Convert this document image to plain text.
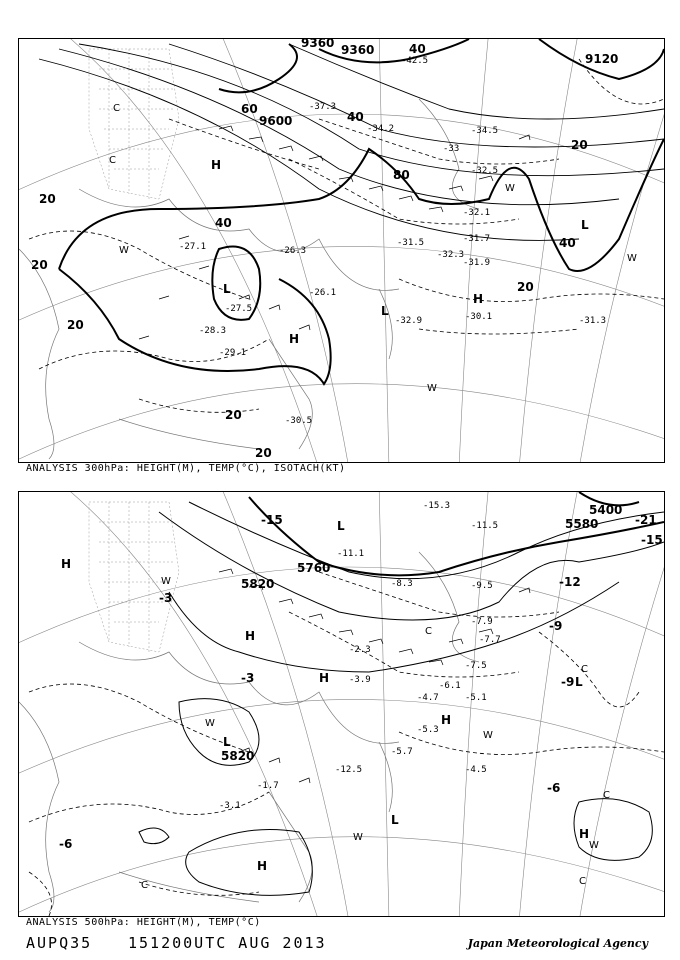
9360 9360
9120
9600
40
40
40
40
20
20
20
20
20
20
20
60
80
C
C	H
H
H
L
L
L
W
W
W
W
-42.5
-37.3
-34.2	-34.5
-32.5
-33
-32.1
-31.7
-31.5
-31.9
-32.3
-32.9	-30.1	-31.3
-28.3
-27.5
-29.1
-30.5
-27.1
-26.1
-26.3
ANALYSIS 300hPa: HEIGHT(M), TEMP(°C), ISOTACH(KT)
5760
5820
5820
5580
5400
-15
-15
-12
-9
-9
-6
-6
-3
-3
-21
H
H
H
H
H
H
L
L
L
L
C
C
C
C
C
W
W
W
W
W
-15.3
-11.5
-9.5
-7.9
-7.7
-7.5
-6.1
-5.1
-4.7
-4.5
-5.7
-3.1
-2.3
-1.7
-3.9
-5.3
-8.3
-11.1
-12.5
ANALYSIS 500hPa: HEIGHT(M), TEMP(°C)
AUPQ35 151200UTC AUG 2013	Japan Meteorological Agency
